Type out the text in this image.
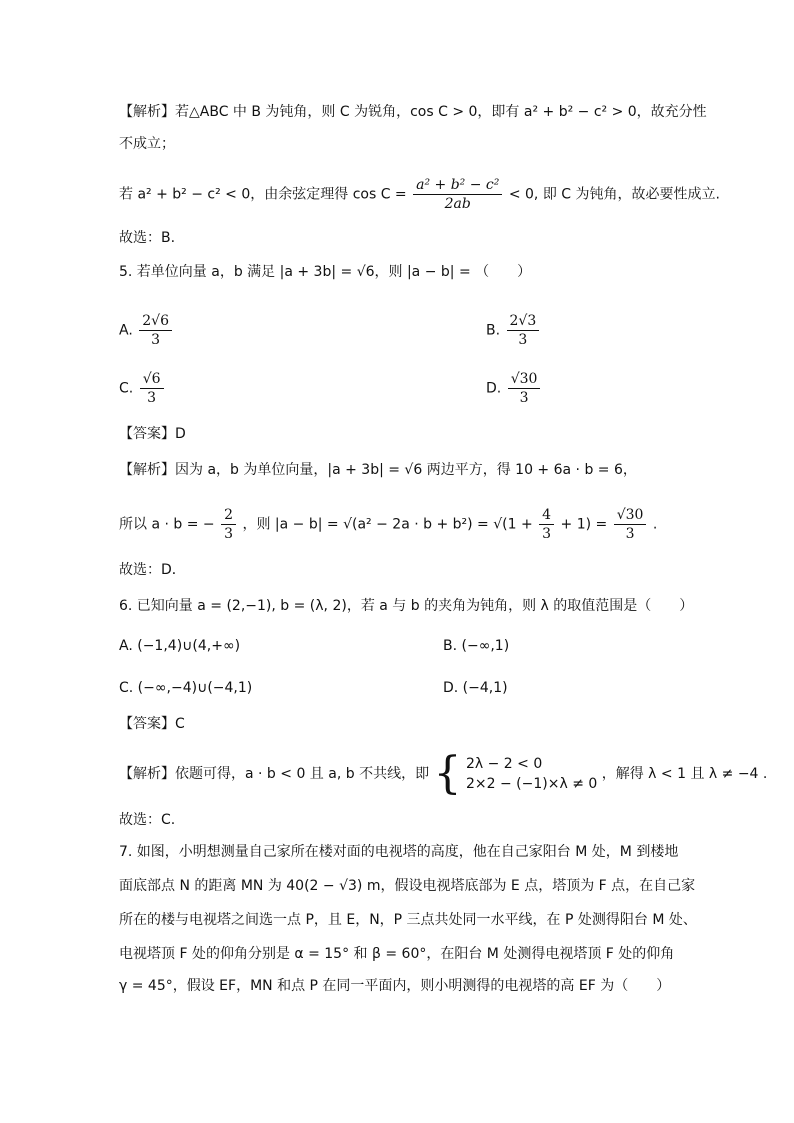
【解析】若△ABC 中 B 为钝角，则 C 为锐角，cos C > 0，即有 a² + b² − c² > 0，故充分性
不成立；
若 a² + b² − c² < 0，由余弦定理得 $\cos C = \frac{\text{a² + b² − c²}}{2ab} < 0$, 即 C 为钝角，故必要性成立.
故选：B.
5. 若单位向量 a，b 满足 |a + 3b| = √6，则 |a − b| = （　　）
A. $\frac{2√6}{3}$	B. $\frac{2√3}{3}$
C. $\frac{√6}{3}$	D. $\frac{√30}{3}$
【答案】D
【解析】因为 a，b 为单位向量，|a + 3b| = √6 两边平方，得 10 + 6a · b = 6，
所以 a · b = − $\frac{2}{3}$ ，则 $|a - b| = √(a^2 - 2a \cdot b + b^2) = √(1 + \frac{4}{3} + 1) = \frac{√30}{3}$ .
故选：D．
6. 已知向量 a = (2,−1), b = (λ, 2)，若 a 与 b 的夹角为钝角，则 λ 的取值范围是（　　）
A. (−1,4)∪(4,+∞)	B. (−∞,1)
C. (−∞,−4)∪(−4,1)	D. (−4,1)
【答案】C
【解析】依题可得，a · b < 0 且 a, b 不共线，即 { 2λ − 2 < 0
2×2 − (−1)×λ ≠ 0
，解得 λ < 1 且 λ ≠ −4 .
故选：C.
7. 如图，小明想测量自己家所在楼对面的电视塔的高度，他在自己家阳台 M 处，M 到楼地
面底部点 N 的距离 MN 为 40(2 − √3) m，假设电视塔底部为 E 点，塔顶为 F 点，在自己家
所在的楼与电视塔之间选一点 P，且 E，N，P 三点共处同一水平线，在 P 处测得阳台 M 处、
电视塔顶 F 处的仰角分别是 α = 15° 和 β = 60°，在阳台 M 处测得电视塔顶 F 处的仰角
γ = 45°，假设 EF，MN 和点 P 在同一平面内，则小明测得的电视塔的高 EF 为（　　）
